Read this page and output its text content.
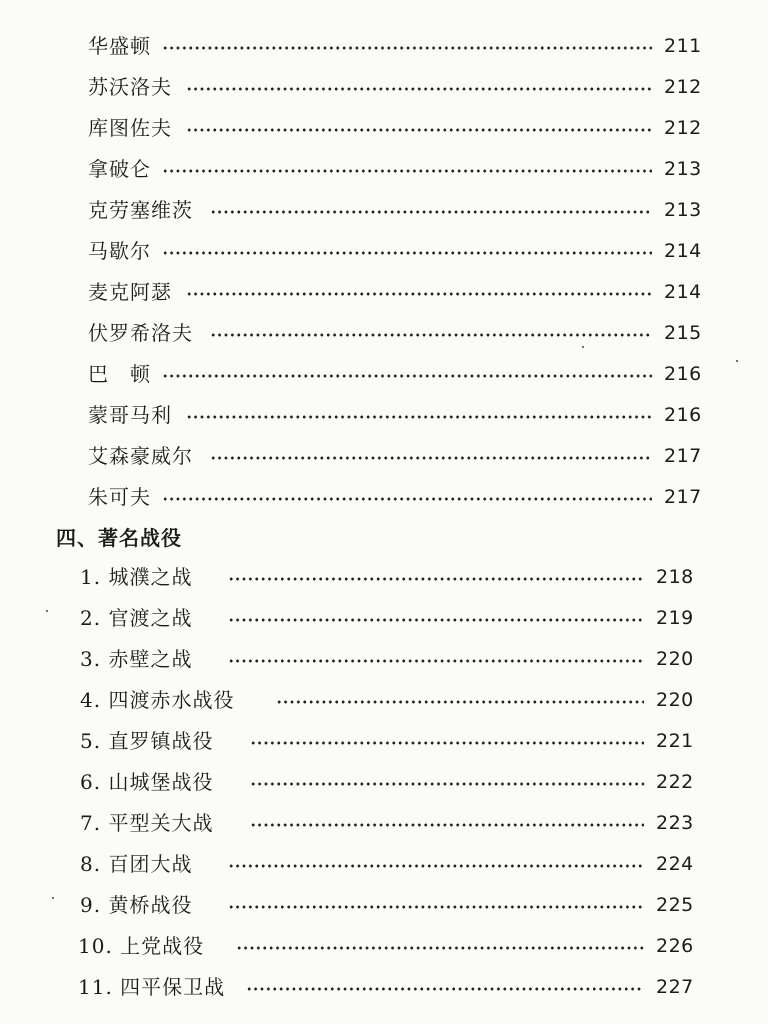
华盛顿	211
苏沃洛夫	212
库图佐夫	212
拿破仑	213
克劳塞维茨	213
马歇尔	214
麦克阿瑟	214
伏罗希洛夫	215
巴　顿	216
蒙哥马利	216
艾森豪威尔	217
朱可夫	217
四、著名战役
1. 城濮之战	218
2. 官渡之战	219
3. 赤壁之战	220
4. 四渡赤水战役	220
5. 直罗镇战役	221
6. 山城堡战役	222
7. 平型关大战	223
8. 百团大战	224
9. 黄桥战役	225
10. 上党战役	226
11. 四平保卫战	227
